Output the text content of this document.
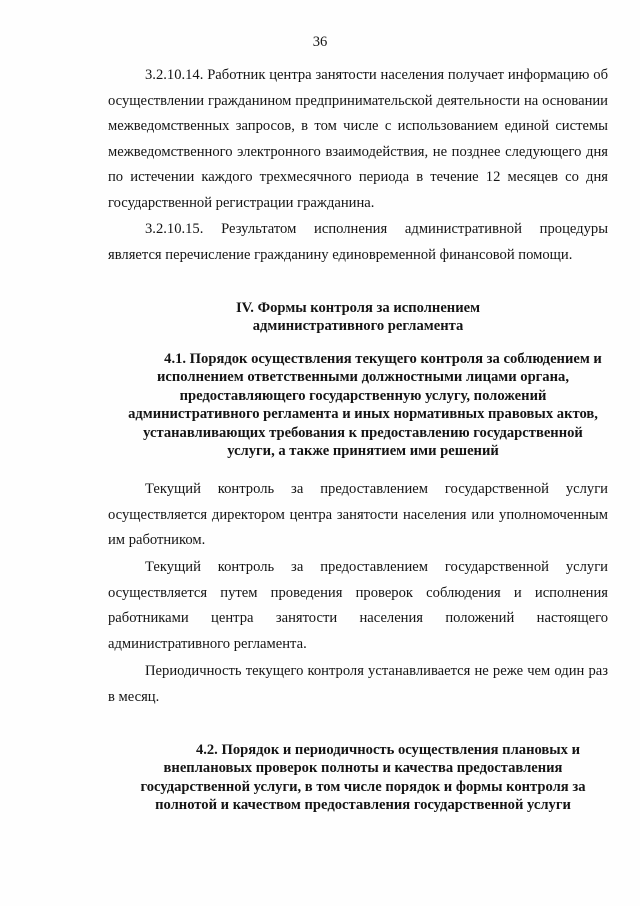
36

3.2.10.14. Работник центра занятости населения получает информацию об осуществлении гражданином предпринимательской деятельности на основании межведомственных запросов, в том числе с использованием единой системы межведомственного электронного взаимодействия, не позднее следующего дня по истечении каждого трехмесячного периода в течение 12 месяцев со дня государственной регистрации гражданина.

3.2.10.15. Результатом исполнения административной процедуры является перечисление гражданину единовременной финансовой помощи.

IV. Формы контроля за исполнением
административного регламента
4.1. Порядок осуществления текущего контроля за соблюдением и
исполнением ответственными должностными лицами органа,
предоставляющего государственную услугу, положений
административного регламента и иных нормативных правовых актов,
устанавливающих требования к предоставлению государственной
услуги, а также принятием ими решений

Текущий контроль за предоставлением государственной услуги осуществляется директором центра занятости населения или уполномоченным им работником.

Текущий контроль за предоставлением государственной услуги осуществляется путем проведения проверок соблюдения и исполнения работниками центра занятости населения положений настоящего административного регламента.

Периодичность текущего контроля устанавливается не реже чем один раз в месяц.

4.2. Порядок и периодичность осуществления плановых и
внеплановых проверок полноты и качества предоставления
государственной услуги, в том числе порядок и формы контроля за
полнотой и качеством предоставления государственной услуги
